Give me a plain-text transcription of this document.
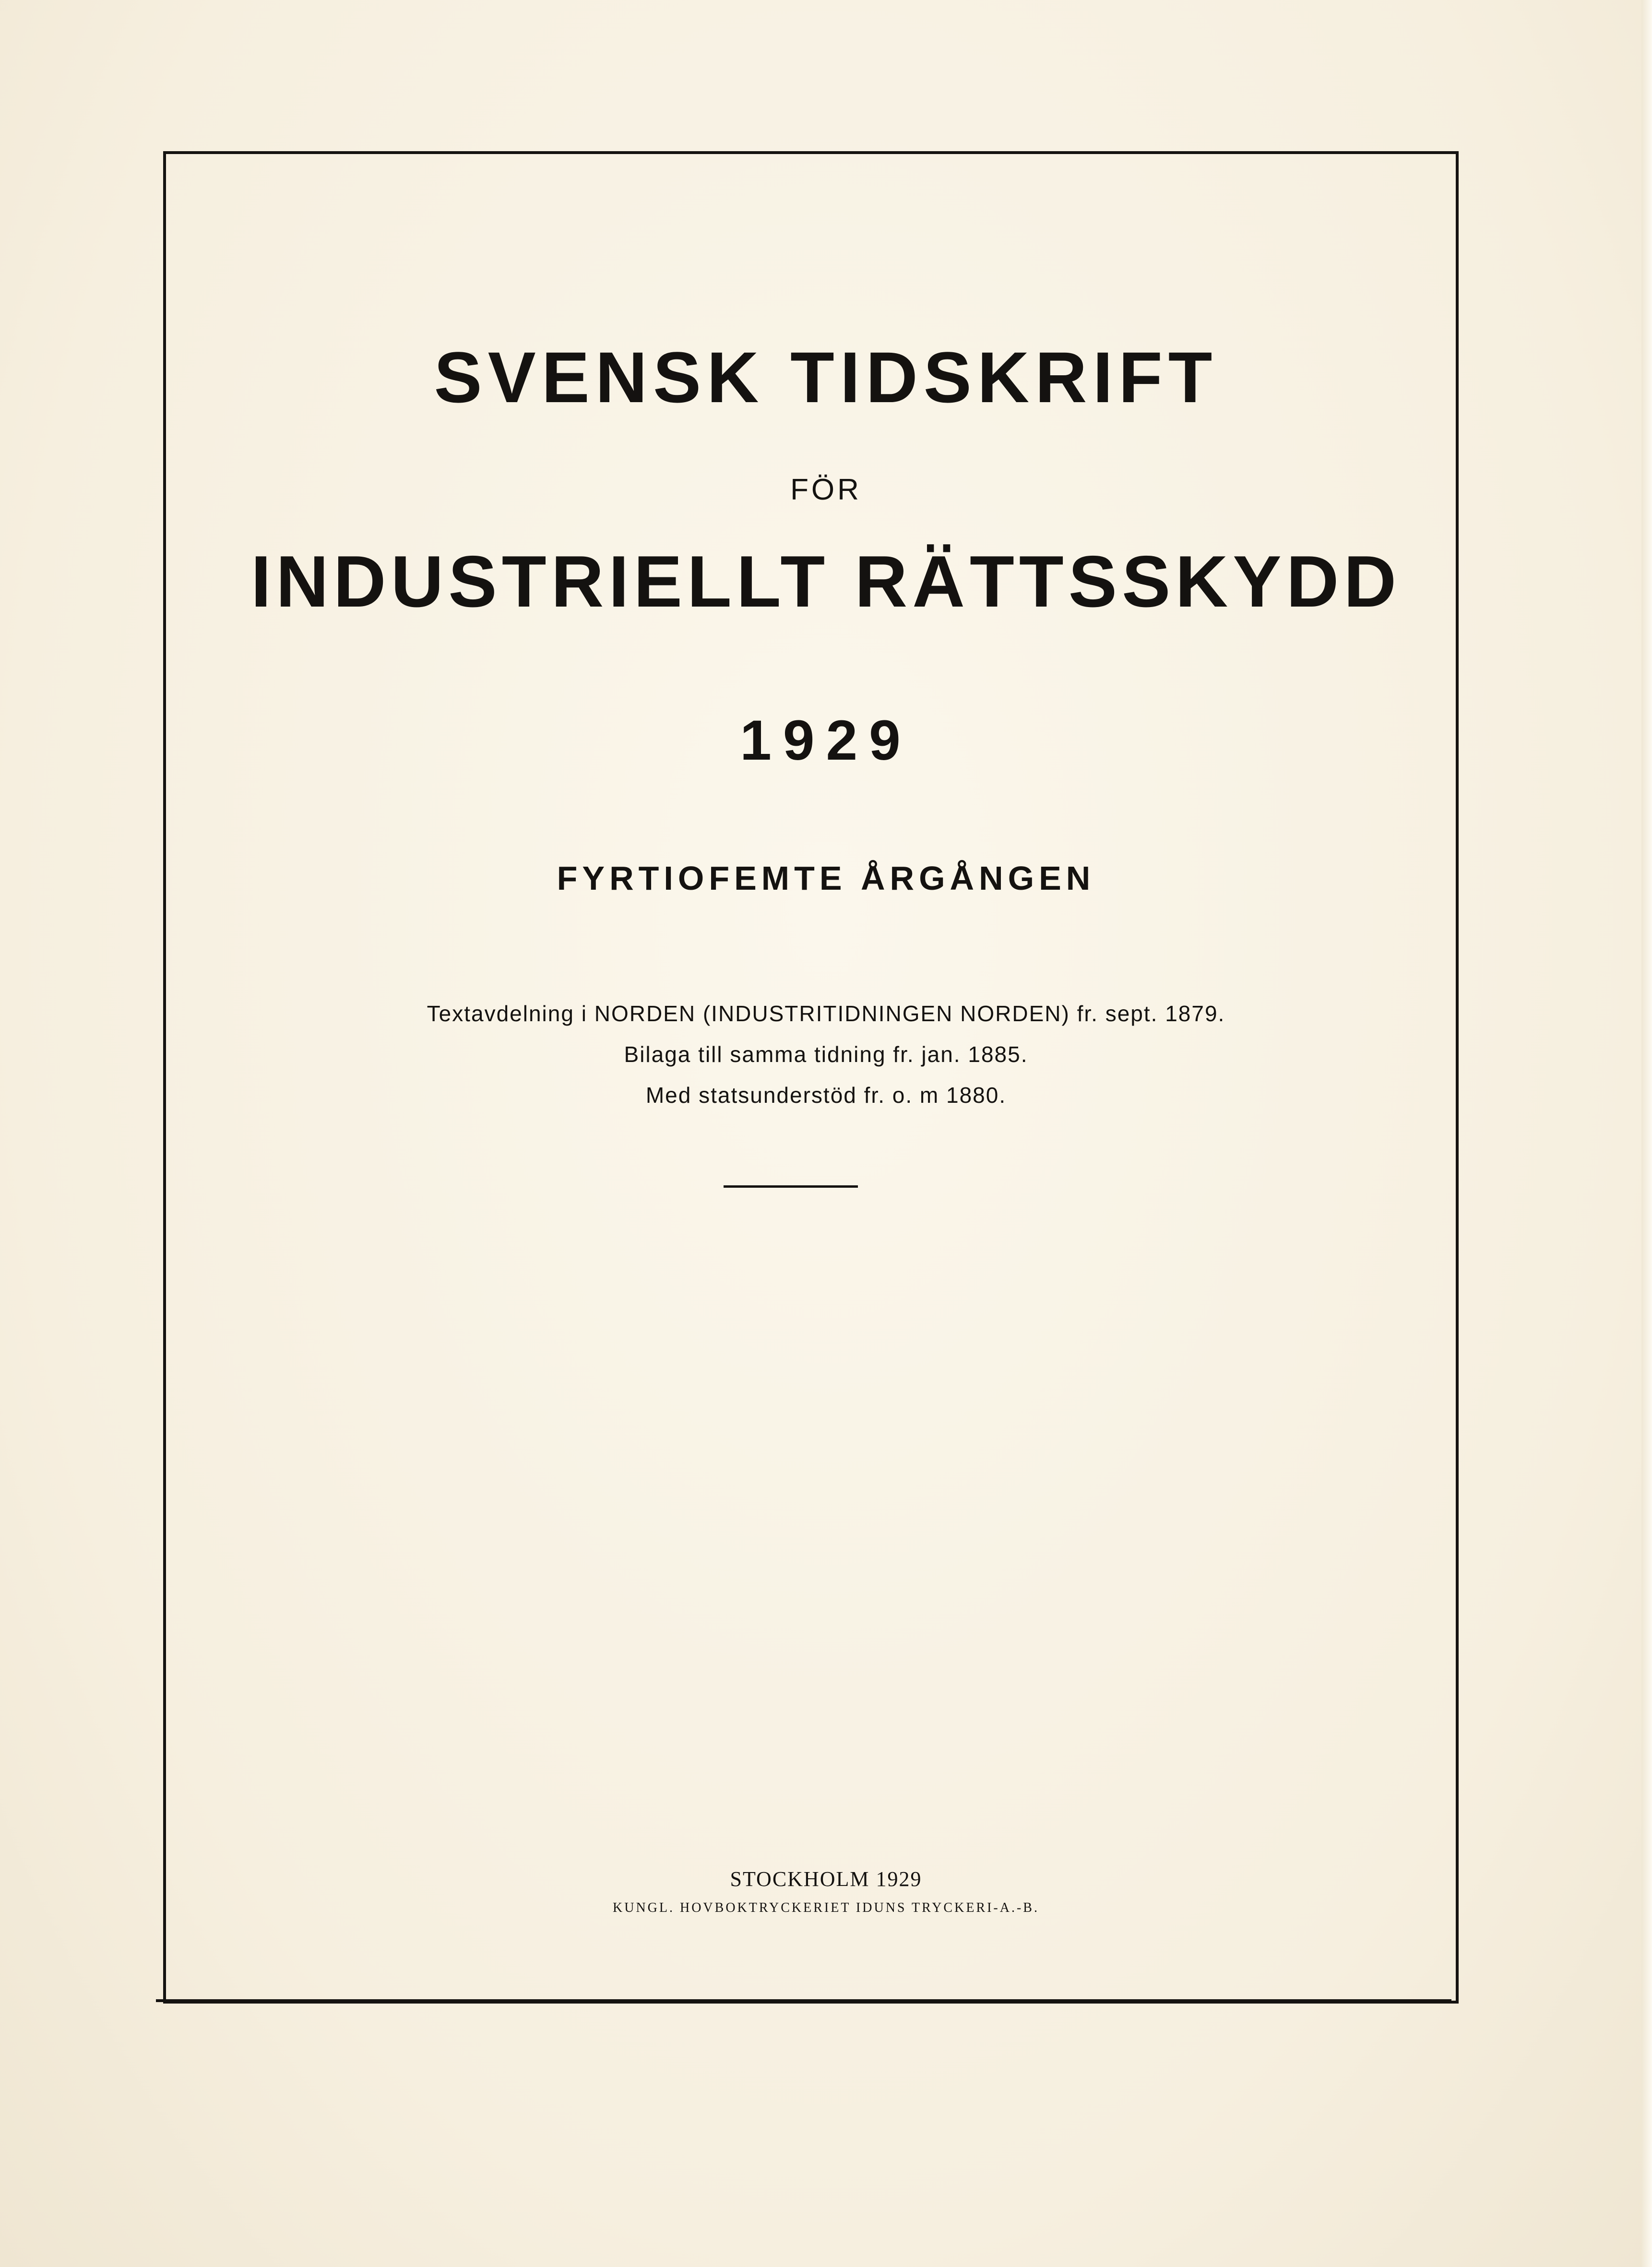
SVENSK TIDSKRIFT
FÖR
INDUSTRIELLT RÄTTSSKYDD
1929
FYRTIOFEMTE ÅRGÅNGEN
Textavdelning i NORDEN (INDUSTRITIDNINGEN NORDEN) fr. sept. 1879.
Bilaga till samma tidning fr. jan. 1885.
Med statsunderstöd fr. o. m 1880.
STOCKHOLM 1929
KUNGL. HOVBOKTRYCKERIET IDUNS TRYCKERI-A.-B.
